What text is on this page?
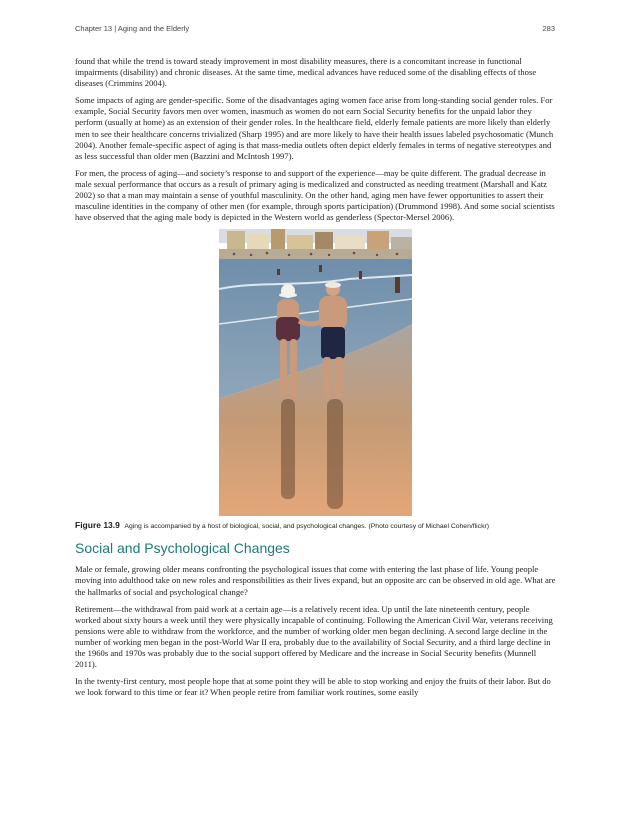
Chapter 13 | Aging and the Elderly	283

found that while the trend is toward steady improvement in most disability measures, there is a concomitant increase in functional impairments (disability) and chronic diseases. At the same time, medical advances have reduced some of the disabling effects of those diseases (Crimmins 2004).

Some impacts of aging are gender-specific. Some of the disadvantages aging women face arise from long-standing social gender roles. For example, Social Security favors men over women, inasmuch as women do not earn Social Security benefits for the unpaid labor they perform (usually at home) as an extension of their gender roles. In the healthcare field, elderly female patients are more likely than elderly men to see their healthcare concerns trivialized (Sharp 1995) and are more likely to have their health issues labeled psychosomatic (Munch 2004). Another female-specific aspect of aging is that mass-media outlets often depict elderly females in terms of negative stereotypes and as less successful than older men (Bazzini and McIntosh 1997).

For men, the process of aging—and society’s response to and support of the experience—may be quite different. The gradual decrease in male sexual performance that occurs as a result of primary aging is medicalized and constructed as needing treatment (Marshall and Katz 2002) so that a man may maintain a sense of youthful masculinity. On the other hand, aging men have fewer opportunities to assert their masculine identities in the company of other men (for example, through sports participation) (Drummond 1998). And some social scientists have observed that the aging male body is depicted in the Western world as genderless (Spector-Mersel 2006).

Figure 13.9 Aging is accompanied by a host of biological, social, and psychological changes. (Photo courtesy of Michael Cohen/flickr)
Social and Psychological Changes

Male or female, growing older means confronting the psychological issues that come with entering the last phase of life. Young people moving into adulthood take on new roles and responsibilities as their lives expand, but an opposite arc can be observed in old age. What are the hallmarks of social and psychological change?

Retirement—the withdrawal from paid work at a certain age—is a relatively recent idea. Up until the late nineteenth century, people worked about sixty hours a week until they were physically incapable of continuing. Following the American Civil War, veterans receiving pensions were able to withdraw from the workforce, and the number of working older men began declining. A second large decline in the number of working men began in the post-World War II era, probably due to the availability of Social Security, and a third large decline in the 1960s and 1970s was probably due to the social support offered by Medicare and the increase in Social Security benefits (Munnell 2011).

In the twenty-first century, most people hope that at some point they will be able to stop working and enjoy the fruits of their labor. But do we look forward to this time or fear it? When people retire from familiar work routines, some easily
